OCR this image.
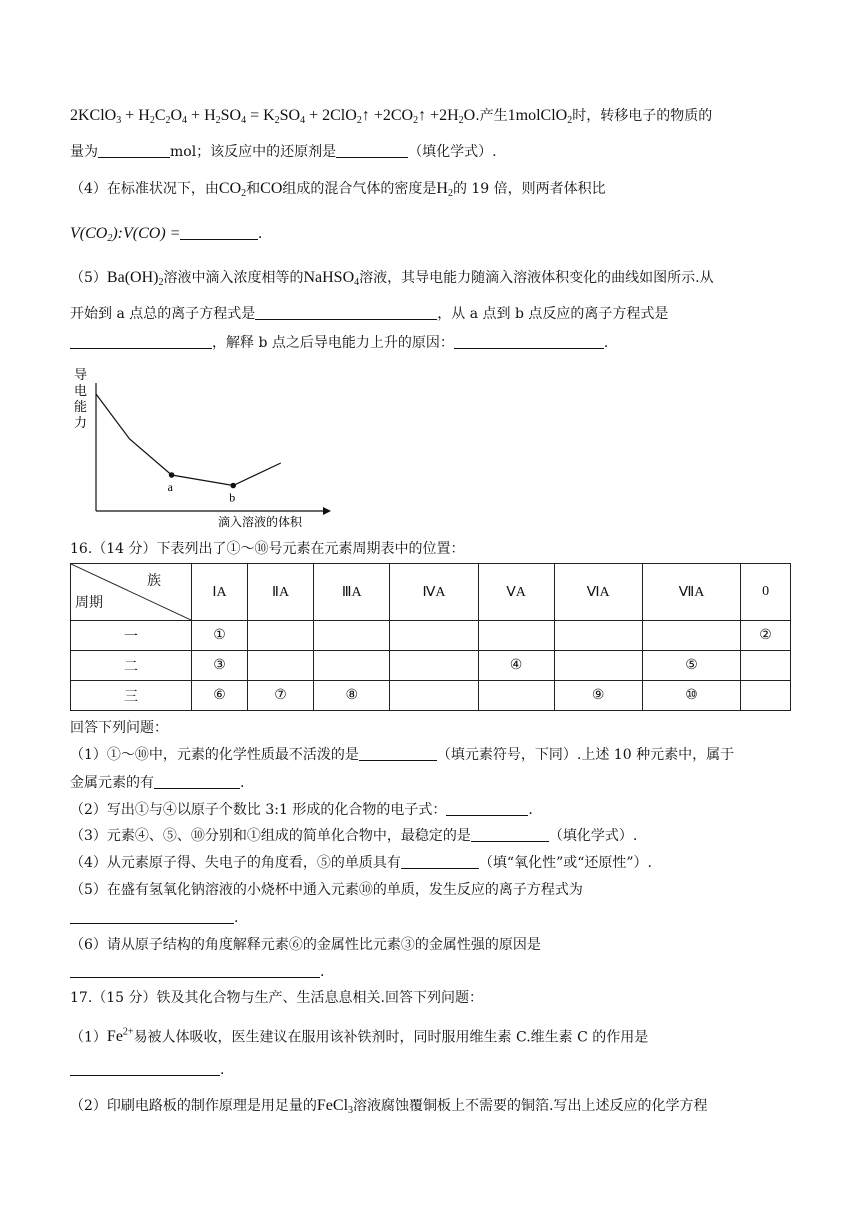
2KClO$_3$ + $H_2C_2O_4 + H_2SO_4 = K_2SO_4$ + 2ClO$_2$↑ $+2CO_2↑ +2H_2O$.产生1molClO$_2$时，转移电子的物质的
量为	mol；该反应中的还原剂是	（填化学式）.
（4）在标准状况下，由$CO_2$和CO组成的混合气体的密度是$H_2$的 19 倍，则两者体积比
$V(CO_2):V(CO)$ =	.
$(5)Ba(OH)_2$溶液中滴入浓度相等的NaHSO$_4$溶液，其导电能力随滴入溶液体积变化的曲线如图所示.从
开始到 a 点总的离子方程式是	，从 a 点到 b 点反应的离子方程式是
，解释 b 点之后导电能力上升的原因：	.
导
电
能
力
a
b
滴入溶液的体积
16.（14 分）下表列出了①～⑩号元素在元素周期表中的位置：
族
周期	ⅠA	ⅡA	ⅢA	ⅣA	ⅤA	ⅥA	ⅦA	0
一	①							②
二	③				④		⑤	
三	⑥	⑦	⑧			⑨	⑩	
回答下列问题：
（1）①～⑩中，元素的化学性质最不活泼的是	（填元素符号，下同）.上述 10 种元素中，属于
金属元素的有	.
（2）写出①与④以原子个数比 3:1 形成的化合物的电子式：	.
（3）元素④、⑤、⑩分别和①组成的简单化合物中，最稳定的是	（填化学式）.
（4）从元素原子得、失电子的角度看，⑤的单质具有	（填“氧化性”或“还原性”）.
（5）在盛有氢氧化钠溶液的小烧杯中通入元素⑩的单质，发生反应的离子方程式为
.
（6）请从原子结构的角度解释元素⑥的金属性比元素③的金属性强的原因是
.
17.（15 分）铁及其化合物与生产、生活息息相关.回答下列问题：
$(1)Fe^{2+}$易被人体吸收，医生建议在服用该补铁剂时，同时服用维生素 C.维生素 C 的作用是
.
（2）印刷电路板的制作原理是用足量的FeCl$_3$溶液腐蚀覆铜板上不需要的铜箔.写出上述反应的化学方程
